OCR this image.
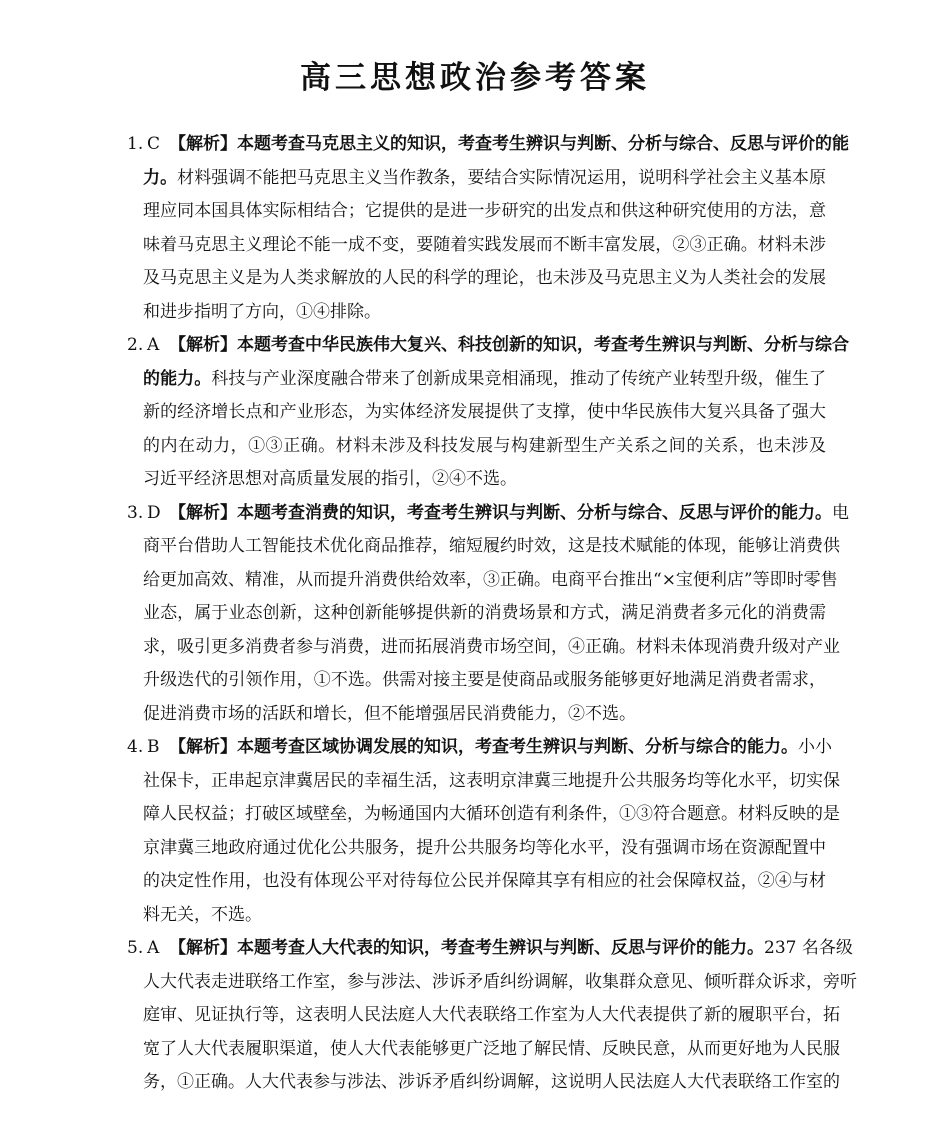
高三思想政治参考答案
1. C 【解析】本题考查马克思主义的知识，考查考生辨识与判断、分析与综合、反思与评价的能
力。材料强调不能把马克思主义当作教条，要结合实际情况运用，说明科学社会主义基本原
理应同本国具体实际相结合；它提供的是进一步研究的出发点和供这种研究使用的方法，意
味着马克思主义理论不能一成不变，要随着实践发展而不断丰富发展，②③正确。材料未涉
及马克思主义是为人类求解放的人民的科学的理论，也未涉及马克思主义为人类社会的发展
和进步指明了方向，①④排除。
2. A 【解析】本题考查中华民族伟大复兴、科技创新的知识，考查考生辨识与判断、分析与综合
的能力。科技与产业深度融合带来了创新成果竞相涌现，推动了传统产业转型升级，催生了
新的经济增长点和产业形态，为实体经济发展提供了支撑，使中华民族伟大复兴具备了强大
的内在动力，①③正确。材料未涉及科技发展与构建新型生产关系之间的关系，也未涉及
习近平经济思想对高质量发展的指引，②④不选。
3. D 【解析】本题考查消费的知识，考查考生辨识与判断、分析与综合、反思与评价的能力。电
商平台借助人工智能技术优化商品推荐，缩短履约时效，这是技术赋能的体现，能够让消费供
给更加高效、精准，从而提升消费供给效率，③正确。电商平台推出“×宝便利店”等即时零售
业态，属于业态创新，这种创新能够提供新的消费场景和方式，满足消费者多元化的消费需
求，吸引更多消费者参与消费，进而拓展消费市场空间，④正确。材料未体现消费升级对产业
升级迭代的引领作用，①不选。供需对接主要是使商品或服务能够更好地满足消费者需求，
促进消费市场的活跃和增长，但不能增强居民消费能力，②不选。
4. B 【解析】本题考查区域协调发展的知识，考查考生辨识与判断、分析与综合的能力。小小
社保卡，正串起京津冀居民的幸福生活，这表明京津冀三地提升公共服务均等化水平，切实保
障人民权益；打破区域壁垒，为畅通国内大循环创造有利条件，①③符合题意。材料反映的是
京津冀三地政府通过优化公共服务，提升公共服务均等化水平，没有强调市场在资源配置中
的决定性作用，也没有体现公平对待每位公民并保障其享有相应的社会保障权益，②④与材
料无关，不选。
5. A 【解析】本题考查人大代表的知识，考查考生辨识与判断、反思与评价的能力。237 名各级
人大代表走进联络工作室，参与涉法、涉诉矛盾纠纷调解，收集群众意见、倾听群众诉求，旁听
庭审、见证执行等，这表明人民法庭人大代表联络工作室为人大代表提供了新的履职平台，拓
宽了人大代表履职渠道，使人大代表能够更广泛地了解民情、反映民意，从而更好地为人民服
务，①正确。人大代表参与涉法、涉诉矛盾纠纷调解，这说明人民法庭人大代表联络工作室的
